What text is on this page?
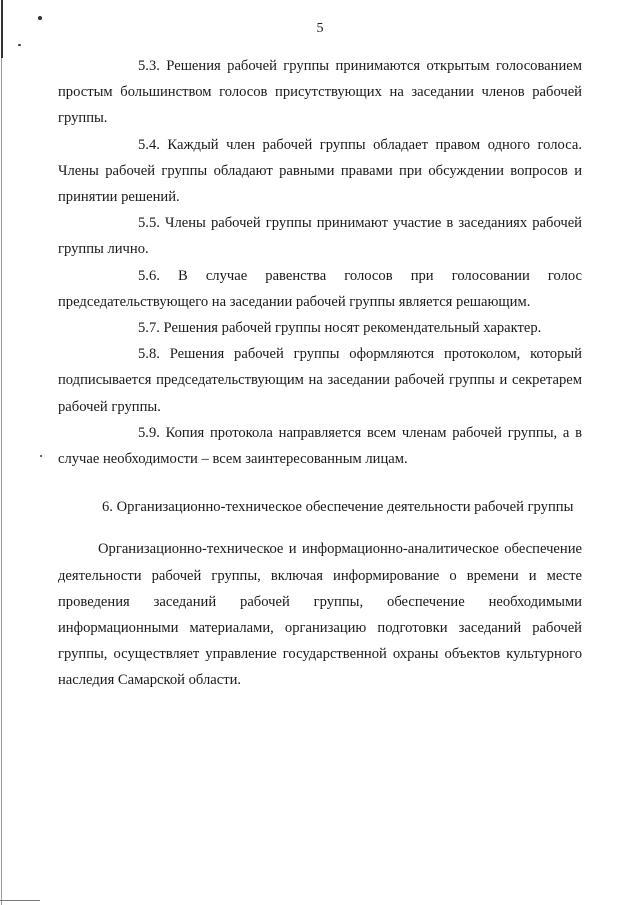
5

5.3. Решения рабочей группы принимаются открытым голосованием простым большинством голосов присутствующих на заседании членов рабочей группы.

5.4. Каждый член рабочей группы обладает правом одного голоса. Члены рабочей группы обладают равными правами при обсуждении вопросов и принятии решений.

5.5. Члены рабочей группы принимают участие в заседаниях рабочей группы лично.

5.6. В случае равенства голосов при голосовании голос председательствующего на заседании рабочей группы является решающим.

5.7. Решения рабочей группы носят рекомендательный характер.

5.8. Решения рабочей группы оформляются протоколом, который подписывается председательствующим на заседании рабочей группы и секретарем рабочей группы.

5.9. Копия протокола направляется всем членам рабочей группы, а в случае необходимости – всем заинтересованным лицам.

6. Организационно-техническое обеспечение деятельности рабочей группы

Организационно-техническое и информационно-аналитическое обеспечение деятельности рабочей группы, включая информирование о времени и месте проведения заседаний рабочей группы, обеспечение необходимыми информационными материалами, организацию подготовки заседаний рабочей группы, осуществляет управление государственной охраны объектов культурного наследия Самарской области.
